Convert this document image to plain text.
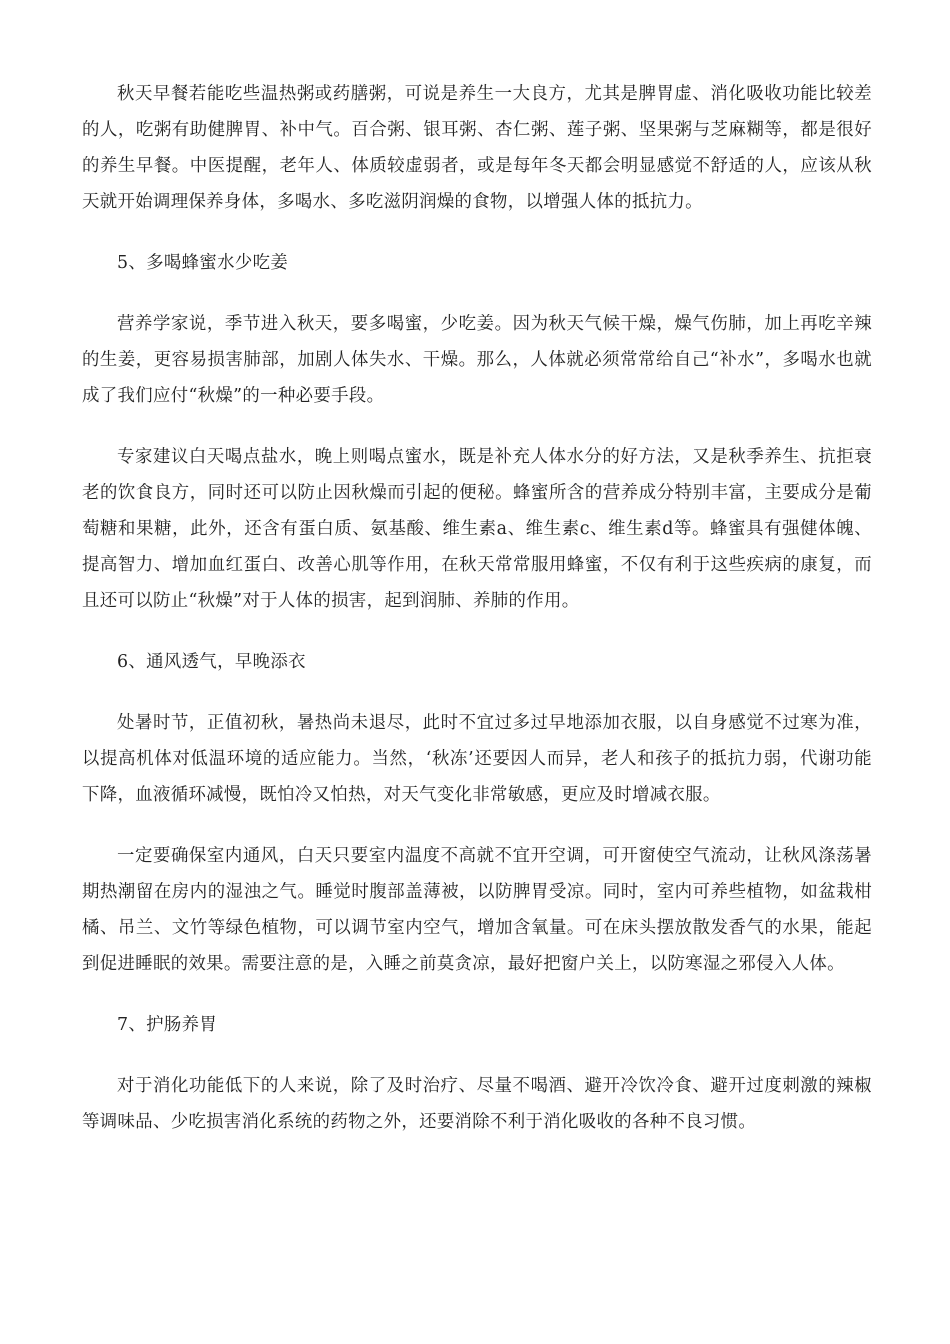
秋天早餐若能吃些温热粥或药膳粥，可说是养生一大良方，尤其是脾胃虚、消化吸收功能比较差的人，吃粥有助健脾胃、补中气。百合粥、银耳粥、杏仁粥、莲子粥、坚果粥与芝麻糊等，都是很好的养生早餐。中医提醒，老年人、体质较虚弱者，或是每年冬天都会明显感觉不舒适的人，应该从秋天就开始调理保养身体，多喝水、多吃滋阴润燥的食物，以增强人体的抵抗力。

5、多喝蜂蜜水少吃姜

营养学家说，季节进入秋天，要多喝蜜，少吃姜。因为秋天气候干燥，燥气伤肺，加上再吃辛辣的生姜，更容易损害肺部，加剧人体失水、干燥。那么，人体就必须常常给自己“补水”，多喝水也就成了我们应付“秋燥”的一种必要手段。

专家建议白天喝点盐水，晚上则喝点蜜水，既是补充人体水分的好方法，又是秋季养生、抗拒衰老的饮食良方，同时还可以防止因秋燥而引起的便秘。蜂蜜所含的营养成分特别丰富，主要成分是葡萄糖和果糖，此外，还含有蛋白质、氨基酸、维生素a、维生素c、维生素d等。蜂蜜具有强健体魄、提高智力、增加血红蛋白、改善心肌等作用，在秋天常常服用蜂蜜，不仅有利于这些疾病的康复，而且还可以防止“秋燥”对于人体的损害，起到润肺、养肺的作用。

6、通风透气，早晚添衣

处暑时节，正值初秋，暑热尚未退尽，此时不宜过多过早地添加衣服，以自身感觉不过寒为准，以提高机体对低温环境的适应能力。当然，‘秋冻’还要因人而异，老人和孩子的抵抗力弱，代谢功能下降，血液循环减慢，既怕冷又怕热，对天气变化非常敏感，更应及时增减衣服。

一定要确保室内通风，白天只要室内温度不高就不宜开空调，可开窗使空气流动，让秋风涤荡暑期热潮留在房内的湿浊之气。睡觉时腹部盖薄被，以防脾胃受凉。同时，室内可养些植物，如盆栽柑橘、吊兰、文竹等绿色植物，可以调节室内空气，增加含氧量。可在床头摆放散发香气的水果，能起到促进睡眠的效果。需要注意的是，入睡之前莫贪凉，最好把窗户关上，以防寒湿之邪侵入人体。

7、护肠养胃

对于消化功能低下的人来说，除了及时治疗、尽量不喝酒、避开冷饮冷食、避开过度刺激的辣椒等调味品、少吃损害消化系统的药物之外，还要消除不利于消化吸收的各种不良习惯。
